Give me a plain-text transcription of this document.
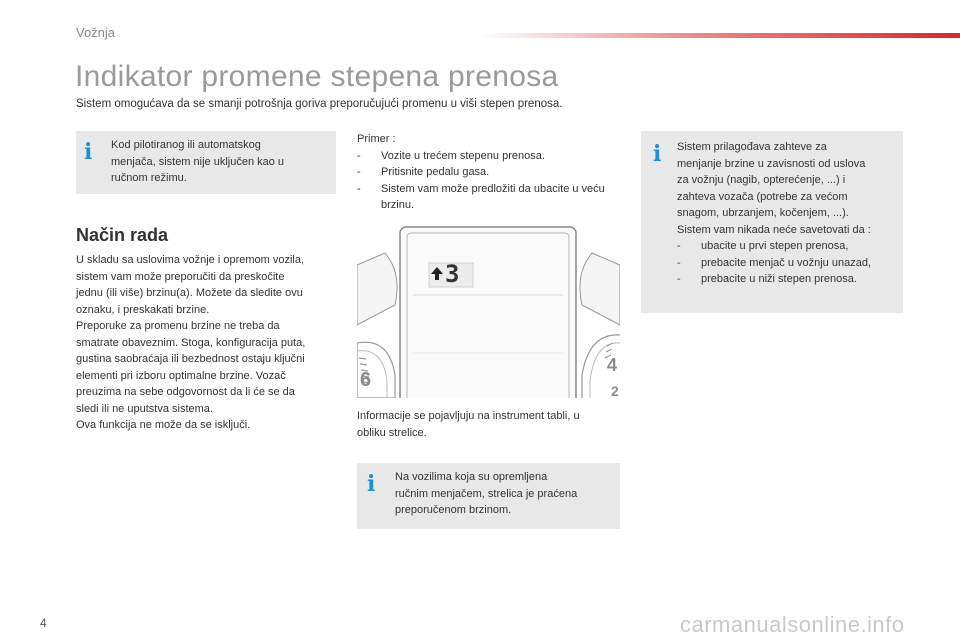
Vožnja
Indikator promene stepena prenosa
Sistem omogućava da se smanji potrošnja goriva preporučujući promenu u viši stepen prenosa.
i Kod pilotiranog ili automatskog
menjača, sistem nije uključen kao u
ručnom režimu.
Način rada
U skladu sa uslovima vožnje i opremom vozila,
sistem vam može preporučiti da preskočite
jednu (ili više) brzinu(a). Možete da sledite ovu
oznaku, i preskakati brzine.
Preporuke za promenu brzine ne treba da
smatrate obaveznim. Stoga, konfiguracija puta,
gustina saobraćaja ili bezbednost ostaju ključni
elementi pri izboru optimalne brzine. Vozač
preuzima na sebe odgovornost da li će se da
sledi ili ne uputstva sistema.
Ova funkcija ne može da se isključi.
Primer :
- Vozite u trećem stepenu prenosa.
- Pritisnite pedalu gasa.
- Sistem vam može predložiti da ubacite u veću brzinu.
3
6
4
2
Informacije se pojavljuju na instrument tabli, u
obliku strelice.
i Na vozilima koja su opremljena
ručnim menjačem, strelica je praćena
preporučenom brzinom.
i Sistem prilagođava zahteve za
menjanje brzine u zavisnosti od uslova
za vožnju (nagib, opterećenje, ...) i
zahteva vozača (potrebe za većom
snagom, ubrzanjem, kočenjem, ...).
Sistem vam nikada neće savetovati da :
- ubacite u prvi stepen prenosa,
- prebacite menjač u vožnju unazad,
- prebacite u niži stepen prenosa.
4	carmanualsonline.info
